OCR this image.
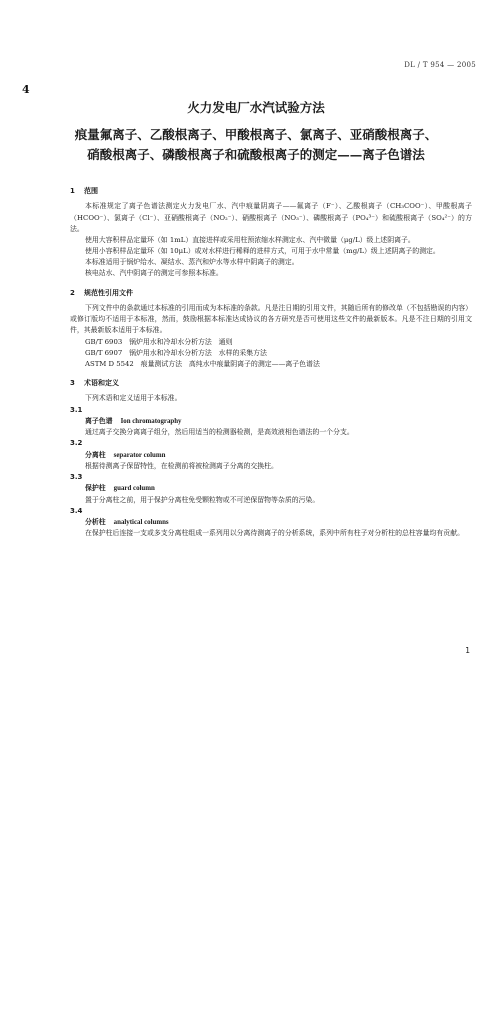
DL / T 954 — 2005
4

火力发电厂水汽试验方法

痕量氟离子、乙酸根离子、甲酸根离子、氯离子、亚硝酸根离子、

硝酸根离子、磷酸根离子和硫酸根离子的测定——离子色谱法

1 范围

本标准规定了离子色谱法测定火力发电厂水、汽中痕量阴离子——氟离子（F⁻）、乙酸根离子（CH₃COO⁻）、甲酸根离子（HCOO⁻）、氯离子（Cl⁻）、亚硝酸根离子（NO₂⁻）、硝酸根离子（NO₃⁻）、磷酸根离子（PO₄³⁻）和硫酸根离子（SO₄²⁻）的方法。

使用大容积样品定量环（如 1mL）直接进样或采用柱预浓缩水样测定水、汽中微量（μg/L）级上述阴离子。

使用小容积样品定量环（如 10μL）或对水样进行稀释的进样方式，可用于水中常量（mg/L）级上述阴离子的测定。

本标准适用于锅炉给水、凝结水、蒸汽和炉水等水样中阴离子的测定。

核电站水、汽中阴离子的测定可参照本标准。

2 规范性引用文件

下列文件中的条款通过本标准的引用而成为本标准的条款。凡是注日期的引用文件，其随后所有的修改单（不包括勘误的内容）或修订版均不适用于本标准，然而，鼓励根据本标准达成协议的各方研究是否可使用这些文件的最新版本。凡是不注日期的引用文件，其最新版本适用于本标准。

GB/T 6903　锅炉用水和冷却水分析方法　通则

GB/T 6907　锅炉用水和冷却水分析方法　水样的采集方法

ASTM D 5542　痕量测试方法　高纯水中痕量阴离子的测定——离子色谱法

3 术语和定义

下列术语和定义适用于本标准。

3.1

离子色谱 Ion chromatography

通过离子交换分离离子组分，然后用适当的检测器检测，是高效液相色谱法的一个分支。

3.2

分离柱 separator column

根据待测离子保留特性，在检测前将被检测离子分离的交换柱。

3.3

保护柱 guard column

置于分离柱之前，用于保护分离柱免受颗粒物或不可逆保留物等杂质的污染。

3.4

分析柱 analytical columns

在保护柱后连接一支或多支分离柱组成一系列用以分离待测离子的分析系统，系列中所有柱子对分析柱的总柱容量均有贡献。

1
